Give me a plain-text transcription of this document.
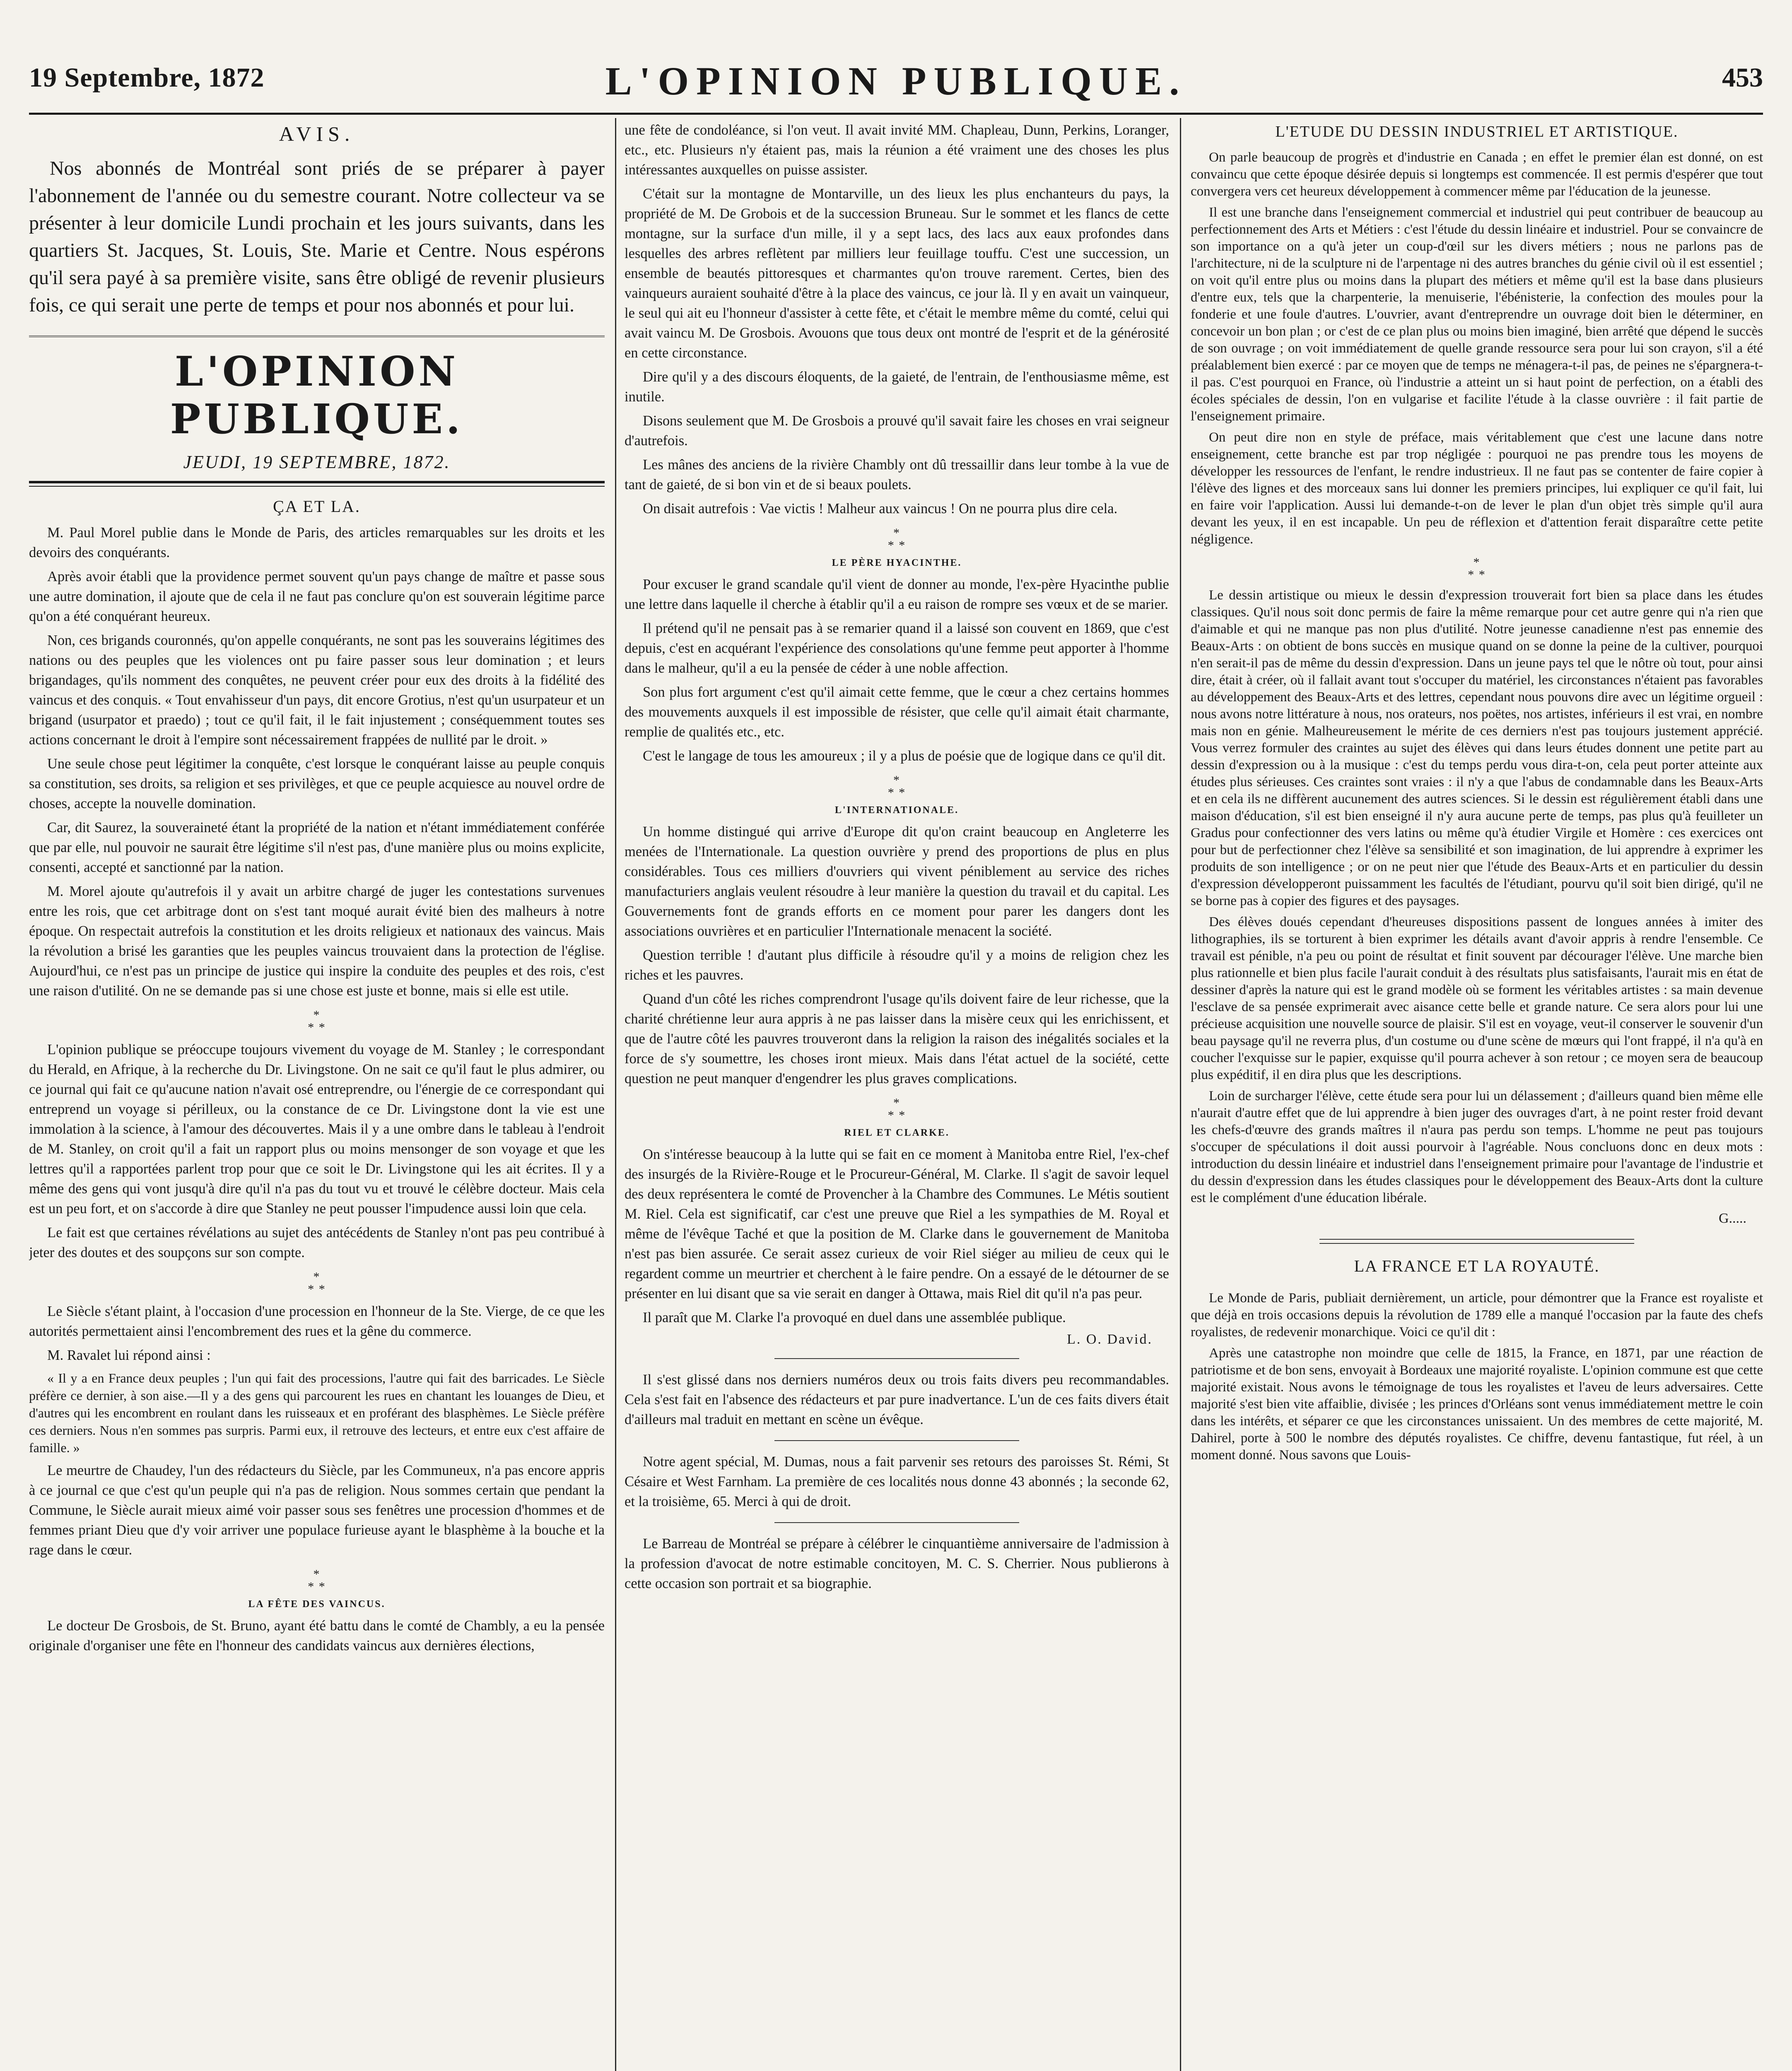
19 Septembre, 1872	L'OPINION PUBLIQUE.	453
AVIS.
Nos abonnés de Montréal sont priés de se préparer à payer l'abonnement de l'année ou du semestre courant. Notre collecteur va se présenter à leur domicile Lundi prochain et les jours suivants, dans les quartiers St. Jacques, St. Louis, Ste. Marie et Centre. Nous espérons qu'il sera payé à sa première visite, sans être obligé de revenir plusieurs fois, ce qui serait une perte de temps et pour nos abonnés et pour lui.
L'OPINION PUBLIQUE.
JEUDI, 19 SEPTEMBRE, 1872.
ÇA ET LA.

M. Paul Morel publie dans le Monde de Paris, des articles remarquables sur les droits et les devoirs des conquérants.

Après avoir établi que la providence permet souvent qu'un pays change de maître et passe sous une autre domination, il ajoute que de cela il ne faut pas conclure qu'on est souverain légitime parce qu'on a été conquérant heureux.

Non, ces brigands couronnés, qu'on appelle conquérants, ne sont pas les souverains légitimes des nations ou des peuples que les violences ont pu faire passer sous leur domination ; et leurs brigandages, qu'ils nomment des conquêtes, ne peuvent créer pour eux des droits à la fidélité des vaincus et des conquis. « Tout envahisseur d'un pays, dit encore Grotius, n'est qu'un usurpateur et un brigand (usurpator et praedo) ; tout ce qu'il fait, il le fait injustement ; conséquemment toutes ses actions concernant le droit à l'empire sont nécessairement frappées de nullité par le droit. »

Une seule chose peut légitimer la conquête, c'est lorsque le conquérant laisse au peuple conquis sa constitution, ses droits, sa religion et ses privilèges, et que ce peuple acquiesce au nouvel ordre de choses, accepte la nouvelle domination.

Car, dit Saurez, la souveraineté étant la propriété de la nation et n'étant immédiatement conférée que par elle, nul pouvoir ne saurait être légitime s'il n'est pas, d'une manière plus ou moins explicite, consenti, accepté et sanctionné par la nation.

M. Morel ajoute qu'autrefois il y avait un arbitre chargé de juger les contestations survenues entre les rois, que cet arbitrage dont on s'est tant moqué aurait évité bien des malheurs à notre époque. On respectait autrefois la constitution et les droits religieux et nationaux des vaincus. Mais la révolution a brisé les garanties que les peuples vaincus trouvaient dans la protection de l'église. Aujourd'hui, ce n'est pas un principe de justice qui inspire la conduite des peuples et des rois, c'est une raison d'utilité. On ne se demande pas si une chose est juste et bonne, mais si elle est utile.

*
* *

L'opinion publique se préoccupe toujours vivement du voyage de M. Stanley ; le correspondant du Herald, en Afrique, à la recherche du Dr. Livingstone. On ne sait ce qu'il faut le plus admirer, ou ce journal qui fait ce qu'aucune nation n'avait osé entreprendre, ou l'énergie de ce correspondant qui entreprend un voyage si périlleux, ou la constance de ce Dr. Livingstone dont la vie est une immolation à la science, à l'amour des découvertes. Mais il y a une ombre dans le tableau à l'endroit de M. Stanley, on croit qu'il a fait un rapport plus ou moins mensonger de son voyage et que les lettres qu'il a rapportées parlent trop pour que ce soit le Dr. Livingstone qui les ait écrites. Il y a même des gens qui vont jusqu'à dire qu'il n'a pas du tout vu et trouvé le célèbre docteur. Mais cela est un peu fort, et on s'accorde à dire que Stanley ne peut pousser l'impudence aussi loin que cela.

Le fait est que certaines révélations au sujet des antécédents de Stanley n'ont pas peu contribué à jeter des doutes et des soupçons sur son compte.

*
* *

Le Siècle s'étant plaint, à l'occasion d'une procession en l'honneur de la Ste. Vierge, de ce que les autorités permettaient ainsi l'encombrement des rues et la gêne du commerce.

M. Ravalet lui répond ainsi :

« Il y a en France deux peuples ; l'un qui fait des processions, l'autre qui fait des barricades. Le Siècle préfère ce dernier, à son aise.—Il y a des gens qui parcourent les rues en chantant les louanges de Dieu, et d'autres qui les encombrent en roulant dans les ruisseaux et en proférant des blasphèmes. Le Siècle préfère ces derniers. Nous n'en sommes pas surpris. Parmi eux, il retrouve des lecteurs, et entre eux c'est affaire de famille. »

Le meurtre de Chaudey, l'un des rédacteurs du Siècle, par les Communeux, n'a pas encore appris à ce journal ce que c'est qu'un peuple qui n'a pas de religion. Nous sommes certain que pendant la Commune, le Siècle aurait mieux aimé voir passer sous ses fenêtres une procession d'hommes et de femmes priant Dieu que d'y voir arriver une populace furieuse ayant le blasphème à la bouche et la rage dans le cœur.

*
* *
LA FÊTE DES VAINCUS.

Le docteur De Grosbois, de St. Bruno, ayant été battu dans le comté de Chambly, a eu la pensée originale d'organiser une fête en l'honneur des candidats vaincus aux dernières élections,

une fête de condoléance, si l'on veut. Il avait invité MM. Chapleau, Dunn, Perkins, Loranger, etc., etc. Plusieurs n'y étaient pas, mais la réunion a été vraiment une des choses les plus intéressantes auxquelles on puisse assister.

C'était sur la montagne de Montarville, un des lieux les plus enchanteurs du pays, la propriété de M. De Grobois et de la succession Bruneau. Sur le sommet et les flancs de cette montagne, sur la surface d'un mille, il y a sept lacs, des lacs aux eaux profondes dans lesquelles des arbres reflètent par milliers leur feuillage touffu. C'est une succession, un ensemble de beautés pittoresques et charmantes qu'on trouve rarement. Certes, bien des vainqueurs auraient souhaité d'être à la place des vaincus, ce jour là. Il y en avait un vainqueur, le seul qui ait eu l'honneur d'assister à cette fête, et c'était le membre même du comté, celui qui avait vaincu M. De Grosbois. Avouons que tous deux ont montré de l'esprit et de la générosité en cette circonstance.

Dire qu'il y a des discours éloquents, de la gaieté, de l'entrain, de l'enthousiasme même, est inutile.

Disons seulement que M. De Grosbois a prouvé qu'il savait faire les choses en vrai seigneur d'autrefois.

Les mânes des anciens de la rivière Chambly ont dû tressaillir dans leur tombe à la vue de tant de gaieté, de si bon vin et de si beaux poulets.

On disait autrefois : Vae victis ! Malheur aux vaincus ! On ne pourra plus dire cela.

*
* *
LE PÈRE HYACINTHE.

Pour excuser le grand scandale qu'il vient de donner au monde, l'ex-père Hyacinthe publie une lettre dans laquelle il cherche à établir qu'il a eu raison de rompre ses vœux et de se marier.

Il prétend qu'il ne pensait pas à se remarier quand il a laissé son couvent en 1869, que c'est depuis, c'est en acquérant l'expérience des consolations qu'une femme peut apporter à l'homme dans le malheur, qu'il a eu la pensée de céder à une noble affection.

Son plus fort argument c'est qu'il aimait cette femme, que le cœur a chez certains hommes des mouvements auxquels il est impossible de résister, que celle qu'il aimait était charmante, remplie de qualités etc., etc.

C'est le langage de tous les amoureux ; il y a plus de poésie que de logique dans ce qu'il dit.

*
* *
L'INTERNATIONALE.

Un homme distingué qui arrive d'Europe dit qu'on craint beaucoup en Angleterre les menées de l'Internationale. La question ouvrière y prend des proportions de plus en plus considérables. Tous ces milliers d'ouvriers qui vivent péniblement au service des riches manufacturiers anglais veulent résoudre à leur manière la question du travail et du capital. Les Gouvernements font de grands efforts en ce moment pour parer les dangers dont les associations ouvrières et en particulier l'Internationale menacent la société.

Question terrible ! d'autant plus difficile à résoudre qu'il y a moins de religion chez les riches et les pauvres.

Quand d'un côté les riches comprendront l'usage qu'ils doivent faire de leur richesse, que la charité chrétienne leur aura appris à ne pas laisser dans la misère ceux qui les enrichissent, et que de l'autre côté les pauvres trouveront dans la religion la raison des inégalités sociales et la force de s'y soumettre, les choses iront mieux. Mais dans l'état actuel de la société, cette question ne peut manquer d'engendrer les plus graves complications.

*
* *
RIEL ET CLARKE.

On s'intéresse beaucoup à la lutte qui se fait en ce moment à Manitoba entre Riel, l'ex-chef des insurgés de la Rivière-Rouge et le Procureur-Général, M. Clarke. Il s'agit de savoir lequel des deux représentera le comté de Provencher à la Chambre des Communes. Le Métis soutient M. Riel. Cela est significatif, car c'est une preuve que Riel a les sympathies de M. Royal et même de l'évêque Taché et que la position de M. Clarke dans le gouvernement de Manitoba n'est pas bien assurée. Ce serait assez curieux de voir Riel siéger au milieu de ceux qui le regardent comme un meurtrier et cherchent à le faire pendre. On a essayé de le détourner de se présenter en lui disant que sa vie serait en danger à Ottawa, mais Riel dit qu'il n'a pas peur.

Il paraît que M. Clarke l'a provoqué en duel dans une assemblée publique.

L. O. David.

Il s'est glissé dans nos derniers numéros deux ou trois faits divers peu recommandables. Cela s'est fait en l'absence des rédacteurs et par pure inadvertance. L'un de ces faits divers était d'ailleurs mal traduit en mettant en scène un évêque.

Notre agent spécial, M. Dumas, nous a fait parvenir ses retours des paroisses St. Rémi, St Césaire et West Farnham. La première de ces localités nous donne 43 abonnés ; la seconde 62, et la troisième, 65. Merci à qui de droit.

Le Barreau de Montréal se prépare à célébrer le cinquantième anniversaire de l'admission à la profession d'avocat de notre estimable concitoyen, M. C. S. Cherrier. Nous publierons à cette occasion son portrait et sa biographie.

L'ETUDE DU DESSIN INDUSTRIEL ET ARTISTIQUE.

On parle beaucoup de progrès et d'industrie en Canada ; en effet le premier élan est donné, on est convaincu que cette époque désirée depuis si longtemps est commencée. Il est permis d'espérer que tout convergera vers cet heureux développement à commencer même par l'éducation de la jeunesse.

Il est une branche dans l'enseignement commercial et industriel qui peut contribuer de beaucoup au perfectionnement des Arts et Métiers : c'est l'étude du dessin linéaire et industriel. Pour se convaincre de son importance on a qu'à jeter un coup-d'œil sur les divers métiers ; nous ne parlons pas de l'architecture, ni de la sculpture ni de l'arpentage ni des autres branches du génie civil où il est essentiel ; on voit qu'il entre plus ou moins dans la plupart des métiers et même qu'il est la base dans plusieurs d'entre eux, tels que la charpenterie, la menuiserie, l'ébénisterie, la confection des moules pour la fonderie et une foule d'autres. L'ouvrier, avant d'entreprendre un ouvrage doit bien le déterminer, en concevoir un bon plan ; or c'est de ce plan plus ou moins bien imaginé, bien arrêté que dépend le succès de son ouvrage ; on voit immédiatement de quelle grande ressource sera pour lui son crayon, s'il a été préalablement bien exercé : par ce moyen que de temps ne ménagera-t-il pas, de peines ne s'épargnera-t-il pas. C'est pourquoi en France, où l'industrie a atteint un si haut point de perfection, on a établi des écoles spéciales de dessin, l'on en vulgarise et facilite l'étude à la classe ouvrière : il fait partie de l'enseignement primaire.

On peut dire non en style de préface, mais véritablement que c'est une lacune dans notre enseignement, cette branche est par trop négligée : pourquoi ne pas prendre tous les moyens de développer les ressources de l'enfant, le rendre industrieux. Il ne faut pas se contenter de faire copier à l'élève des lignes et des morceaux sans lui donner les premiers principes, lui expliquer ce qu'il fait, lui en faire voir l'application. Aussi lui demande-t-on de lever le plan d'un objet très simple qu'il aura devant les yeux, il en est incapable. Un peu de réflexion et d'attention ferait disparaître cette petite négligence.

*
* *

Le dessin artistique ou mieux le dessin d'expression trouverait fort bien sa place dans les études classiques. Qu'il nous soit donc permis de faire la même remarque pour cet autre genre qui n'a rien que d'aimable et qui ne manque pas non plus d'utilité. Notre jeunesse canadienne n'est pas ennemie des Beaux-Arts : on obtient de bons succès en musique quand on se donne la peine de la cultiver, pourquoi n'en serait-il pas de même du dessin d'expression. Dans un jeune pays tel que le nôtre où tout, pour ainsi dire, était à créer, où il fallait avant tout s'occuper du matériel, les circonstances n'étaient pas favorables au développement des Beaux-Arts et des lettres, cependant nous pouvons dire avec un légitime orgueil : nous avons notre littérature à nous, nos orateurs, nos poëtes, nos artistes, inférieurs il est vrai, en nombre mais non en génie. Malheureusement le mérite de ces derniers n'est pas toujours justement apprécié. Vous verrez formuler des craintes au sujet des élèves qui dans leurs études donnent une petite part au dessin d'expression ou à la musique : c'est du temps perdu vous dira-t-on, cela peut porter atteinte aux études plus sérieuses. Ces craintes sont vraies : il n'y a que l'abus de condamnable dans les Beaux-Arts et en cela ils ne diffèrent aucunement des autres sciences. Si le dessin est régulièrement établi dans une maison d'éducation, s'il est bien enseigné il n'y aura aucune perte de temps, pas plus qu'à feuilleter un Gradus pour confectionner des vers latins ou même qu'à étudier Virgile et Homère : ces exercices ont pour but de perfectionner chez l'élève sa sensibilité et son imagination, de lui apprendre à exprimer les produits de son intelligence ; or on ne peut nier que l'étude des Beaux-Arts et en particulier du dessin d'expression développeront puissamment les facultés de l'étudiant, pourvu qu'il soit bien dirigé, qu'il ne se borne pas à copier des figures et des paysages.

Des élèves doués cependant d'heureuses dispositions passent de longues années à imiter des lithographies, ils se torturent à bien exprimer les détails avant d'avoir appris à rendre l'ensemble. Ce travail est pénible, n'a peu ou point de résultat et finit souvent par décourager l'élève. Une marche bien plus rationnelle et bien plus facile l'aurait conduit à des résultats plus satisfaisants, l'aurait mis en état de dessiner d'après la nature qui est le grand modèle où se forment les véritables artistes : sa main devenue l'esclave de sa pensée exprimerait avec aisance cette belle et grande nature. Ce sera alors pour lui une précieuse acquisition une nouvelle source de plaisir. S'il est en voyage, veut-il conserver le souvenir d'un beau paysage qu'il ne reverra plus, d'un costume ou d'une scène de mœurs qui l'ont frappé, il n'a qu'à en coucher l'exquisse sur le papier, exquisse qu'il pourra achever à son retour ; ce moyen sera de beaucoup plus expéditif, il en dira plus que les descriptions.

Loin de surcharger l'élève, cette étude sera pour lui un délassement ; d'ailleurs quand bien même elle n'aurait d'autre effet que de lui apprendre à bien juger des ouvrages d'art, à ne point rester froid devant les chefs-d'œuvre des grands maîtres il n'aura pas perdu son temps. L'homme ne peut pas toujours s'occuper de spéculations il doit aussi pourvoir à l'agréable. Nous concluons donc en deux mots : introduction du dessin linéaire et industriel dans l'enseignement primaire pour l'avantage de l'industrie et du dessin d'expression dans les études classiques pour le développement des Beaux-Arts dont la culture est le complément d'une éducation libérale.

G.....
LA FRANCE ET LA ROYAUTÉ.

Le Monde de Paris, publiait dernièrement, un article, pour démontrer que la France est royaliste et que déjà en trois occasions depuis la révolution de 1789 elle a manqué l'occasion par la faute des chefs royalistes, de redevenir monarchique. Voici ce qu'il dit :

Après une catastrophe non moindre que celle de 1815, la France, en 1871, par une réaction de patriotisme et de bon sens, envoyait à Bordeaux une majorité royaliste. L'opinion commune est que cette majorité existait. Nous avons le témoignage de tous les royalistes et l'aveu de leurs adversaires. Cette majorité s'est bien vite affaiblie, divisée ; les princes d'Orléans sont venus immédiatement mettre le coin dans les intérêts, et séparer ce que les circonstances unissaient. Un des membres de cette majorité, M. Dahirel, porte à 500 le nombre des députés royalistes. Ce chiffre, devenu fantastique, fut réel, à un moment donné. Nous savons que Louis-
